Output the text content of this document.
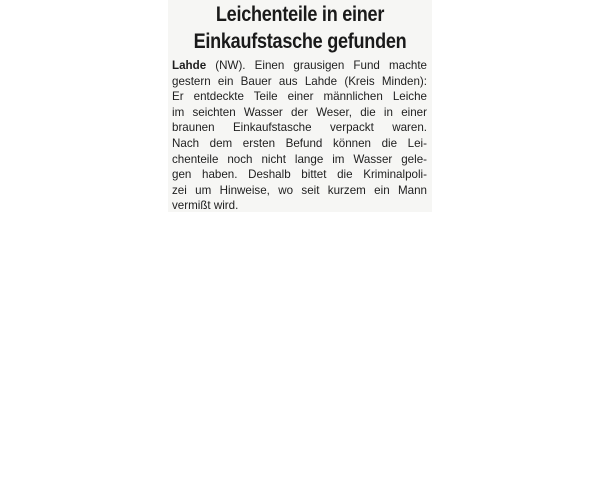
Leichenteile in einer
Einkaufstasche gefunden
Lahde (NW). Einen grausigen Fund machte
gestern ein Bauer aus Lahde (Kreis Minden):
Er entdeckte Teile einer männlichen Leiche
im seichten Wasser der Weser, die in einer
braunen Einkaufstasche verpackt waren.
Nach dem ersten Befund können die Lei-
chenteile noch nicht lange im Wasser gele-
gen haben. Deshalb bittet die Kriminalpoli-
zei um Hinweise, wo seit kurzem ein Mann
vermißt wird.
